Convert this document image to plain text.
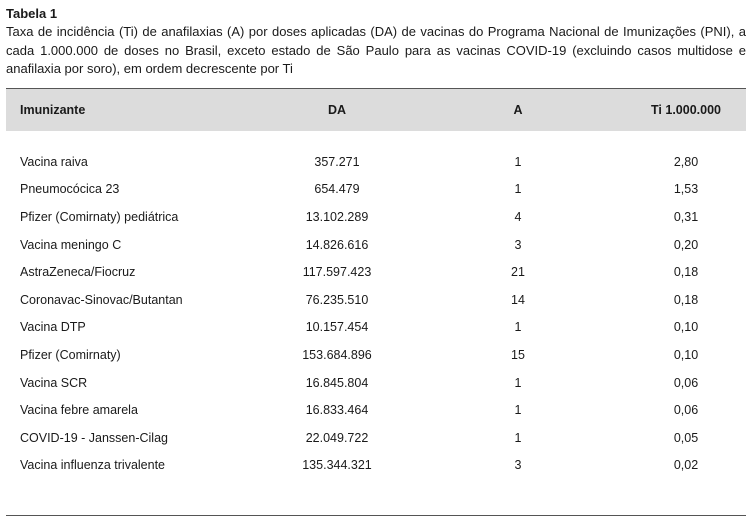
Tabela 1
Taxa de incidência (Ti) de anafilaxias (A) por doses aplicadas (DA) de vacinas do Programa Nacional de Imunizações (PNI), a cada 1.000.000 de doses no Brasil, exceto estado de São Paulo para as vacinas COVID-19 (excluindo casos multidose e anafilaxia por soro), em ordem decrescente por Ti
Imunizante	DA	A	Ti 1.000.000
Vacina raiva	357.271	1	2,80
Pneumocócica 23	654.479	1	1,53
Pfizer (Comirnaty) pediátrica	13.102.289	4	0,31
Vacina meningo C	14.826.616	3	0,20
AstraZeneca/Fiocruz	117.597.423	21	0,18
Coronavac-Sinovac/Butantan	76.235.510	14	0,18
Vacina DTP	10.157.454	1	0,10
Pfizer (Comirnaty)	153.684.896	15	0,10
Vacina SCR	16.845.804	1	0,06
Vacina febre amarela	16.833.464	1	0,06
COVID-19 - Janssen-Cilag	22.049.722	1	0,05
Vacina influenza trivalente	135.344.321	3	0,02
